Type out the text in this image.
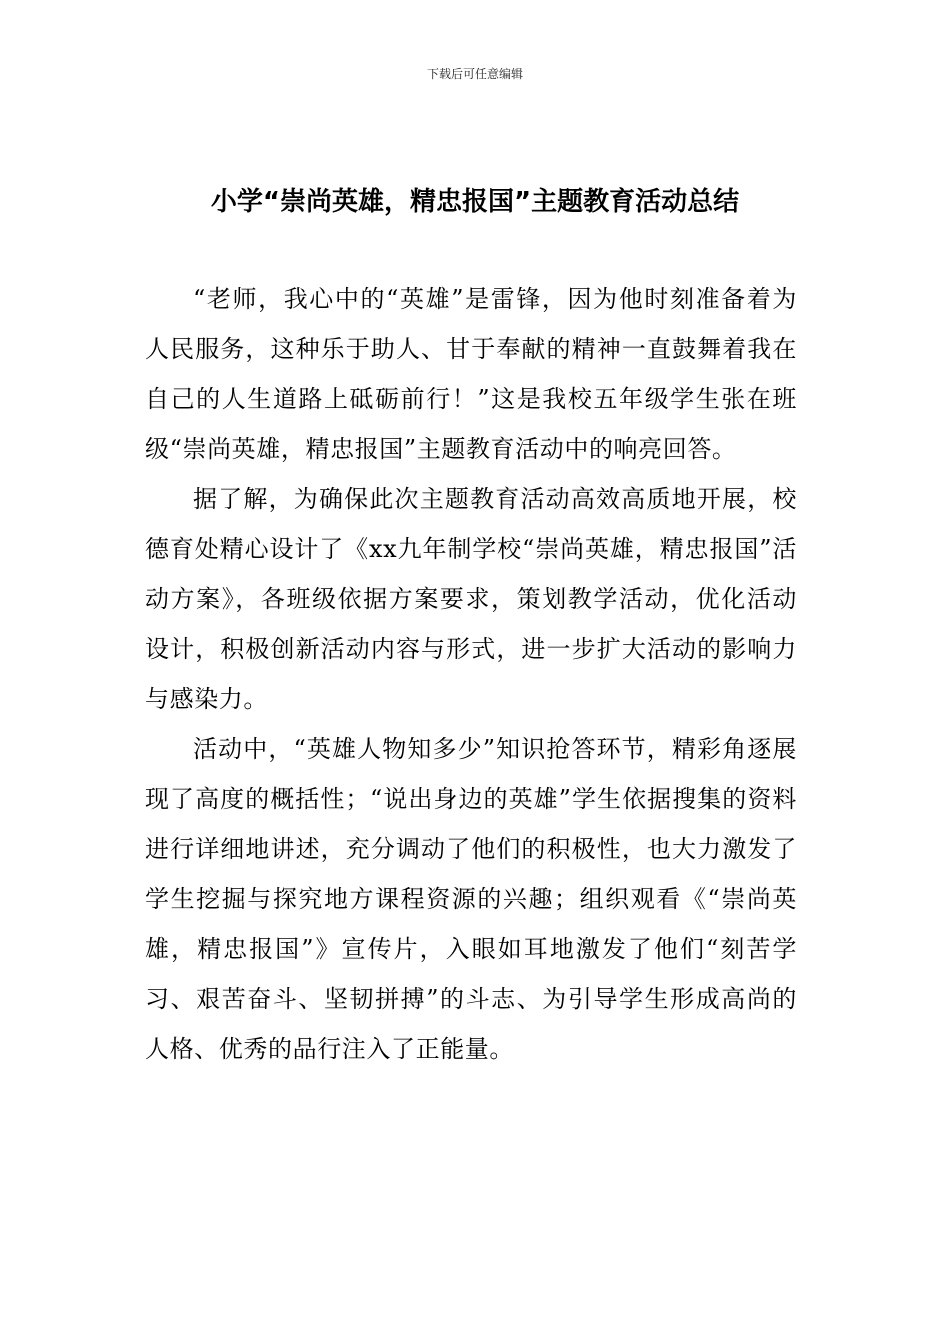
下载后可任意编辑
小学“崇尚英雄，精忠报国”主题教育活动总结

“老师，我心中的“英雄”是雷锋，因为他时刻准备着为人民服务，这种乐于助人、甘于奉献的精神一直鼓舞着我在自己的人生道路上砥砺前行！”这是我校五年级学生张在班级“崇尚英雄，精忠报国”主题教育活动中的响亮回答。

据了解，为确保此次主题教育活动高效高质地开展，校德育处精心设计了《xx九年制学校“崇尚英雄，精忠报国”活动方案》，各班级依据方案要求，策划教学活动，优化活动设计，积极创新活动内容与形式，进一步扩大活动的影响力与感染力。

活动中，“英雄人物知多少”知识抢答环节，精彩角逐展现了高度的概括性；“说出身边的英雄”学生依据搜集的资料进行详细地讲述，充分调动了他们的积极性，也大力激发了学生挖掘与探究地方课程资源的兴趣；组织观看《“崇尚英雄，精忠报国”》宣传片，入眼如耳地激发了他们“刻苦学习、艰苦奋斗、坚韧拼搏”的斗志、为引导学生形成高尚的人格、优秀的品行注入了正能量。
